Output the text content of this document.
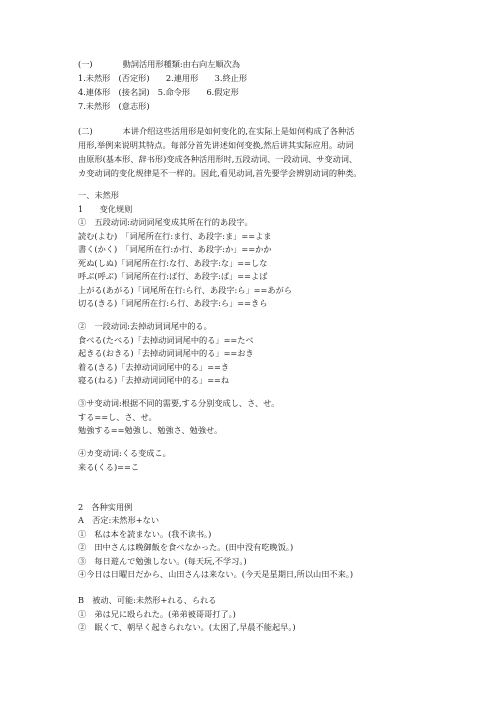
(一)	動詞活用形種類:由右向左順次為
1.未然形　(否定形)　　2.連用形　　3.終止形
4.連体形　(接名詞)　5.命令形　　6.假定形
7.未然形　(意志形)
(二)	本讲介绍这些活用形是如何变化的,在实际上是如何构成了各种活
用形,举例来说明其特点。每部分首先讲述如何变换,然后讲其实际应用。动词
由原形(基本形、辞书形)变成各种活用形时,五段动词、一段动词、サ变动词、
カ变动词的变化规律是不一样的。因此,看见动词,首先要学会辨别动词的种类。
一、未然形
1　　变化规则
①　五段动词:动词词尾变成其所在行的あ段字。
読む(よむ)　「词尾所在行:ま行、あ段字:ま」==よま
書く(かく)　「词尾所在行:か行、あ段字:か」==かか
死ぬ(しぬ)「词尾所在行:な行、あ段字:な」==しな
呼ぶ(呼ぶ)「词尾所在行:ば行、あ段字:ば」==よば
上がる(あがる)「词尾所在行:ら行、あ段字:ら」==あがら
切る(きる)「词尾所在行:ら行、あ段字:ら」==きら
②　一段动词:去掉动词词尾中的る。
食べる(たべる)「去掉动词词尾中的る」==たべ
起きる(おきる)「去掉动词词尾中的る」==おき
着る(きる)「去掉动词词尾中的る」==き
寝る(ねる)「去掉动词词尾中的る」==ね
③サ变动词:根据不同的需要,する分别变成し、さ、せ。
する==し、さ、せ。
勉強する==勉強し、勉強さ、勉強せ。
④カ变动词:くる变成こ。
来る(くる)==こ
2　各种实用例
A　否定:未然形+ない
①　私は本を読まない。(我不读书。)
②　田中さんは晚御飯を食べなかった。(田中没有吃晚饭。)
③　每日遊んで勉強しない。(每天玩,不学习。)
④今日は日曜日だから、山田さんは来ない。(今天是星期日,所以山田不来。)
B　被动、可能:未然形+れる、られる
①　弟は兄に殴られた。(弟弟被哥哥打了。)
②　眠くて、朝早く起きられない。(太困了,早晨不能起早。)
